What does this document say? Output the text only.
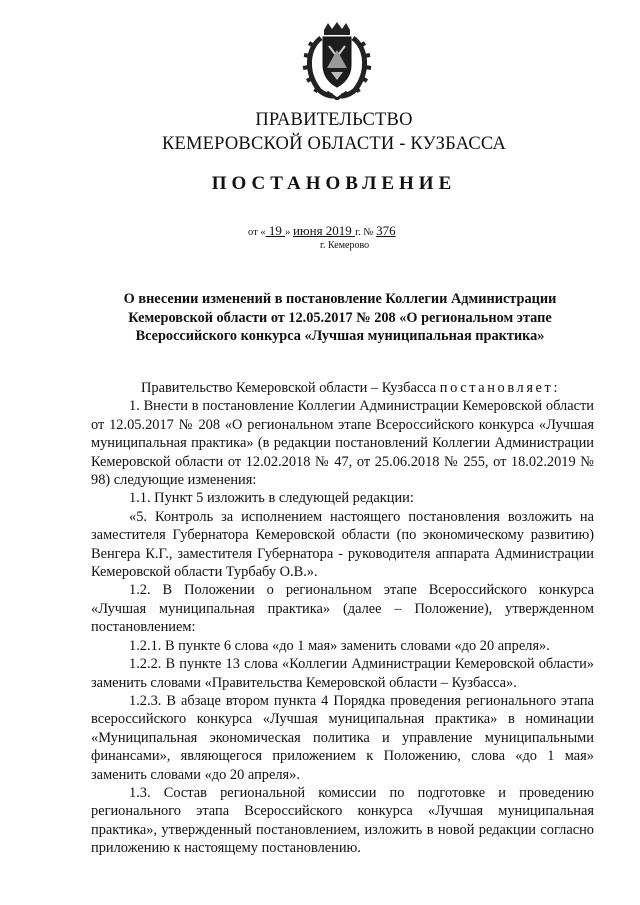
ПРАВИТЕЛЬСТВО
КЕМЕРОВСКОЙ ОБЛАСТИ - КУЗБАССА
ПОСТАНОВЛЕНИЕ
от « 19 » июня 2019 г. № 376
г. Кемерово
О внесении изменений в постановление Коллегии Администрации Кемеровской области от 12.05.2017 № 208 «О региональном этапе Всероссийского конкурса «Лучшая муниципальная практика»

Правительство Кемеровской области – Кузбасса постановляет:

1. Внести в постановление Коллегии Администрации Кемеровской области от 12.05.2017 № 208 «О региональном этапе Всероссийского конкурса «Лучшая муниципальная практика» (в редакции постановлений Коллегии Администрации Кемеровской области от 12.02.2018 № 47, от 25.06.2018 № 255, от 18.02.2019 № 98) следующие изменения:

1.1. Пункт 5 изложить в следующей редакции:

«5. Контроль за исполнением настоящего постановления возложить на заместителя Губернатора Кемеровской области (по экономическому развитию) Венгера К.Г., заместителя Губернатора - руководителя аппарата Администрации Кемеровской области Турбабу О.В.».

1.2. В Положении о региональном этапе Всероссийского конкурса «Лучшая муниципальная практика» (далее – Положение), утвержденном постановлением:

1.2.1. В пункте 6 слова «до 1 мая» заменить словами «до 20 апреля».

1.2.2. В пункте 13 слова «Коллегии Администрации Кемеровской области» заменить словами «Правительства Кемеровской области – Кузбасса».

1.2.3. В абзаце втором пункта 4 Порядка проведения регионального этапа всероссийского конкурса «Лучшая муниципальная практика» в номинации «Муниципальная экономическая политика и управление муниципальными финансами», являющегося приложением к Положению, слова «до 1 мая» заменить словами «до 20 апреля».

1.3. Состав региональной комиссии по подготовке и проведению регионального этапа Всероссийского конкурса «Лучшая муниципальная практика», утвержденный постановлением, изложить в новой редакции согласно приложению к настоящему постановлению.
